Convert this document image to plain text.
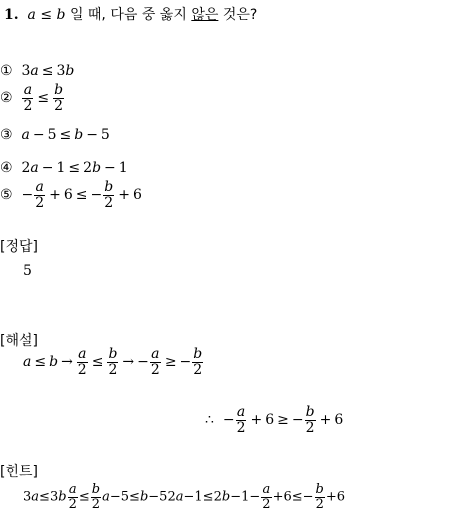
1. a ≤ b 일 때, 다음 중 옳지 않은 것은?
① 3a ≤ 3b
② $\frac{a}{2} \le \frac{b}{2}$
③ a − 5 ≤ b − 5
④ 2a − 1 ≤ 2b − 1
⑤ − $\frac{a}{2} + 6$ ≤ − $\frac{b}{2} + 6$
[정답]
5
[해설]
$a \le b \to \frac{a}{2} \le \frac{b}{2}$ → − $\frac{a}{2}$ ≥ − $\frac{b}{2}$
∴ − $\frac{a}{2} + 6$ ≥ − $\frac{b}{2} + 6$
[힌트]
$3a\le 3b \frac{a}{2} \le \frac{b}{2} a-5\le b-52a-1\le 2b-1- \frac{a}{2} +6\le- \frac{b}{2} +6$
